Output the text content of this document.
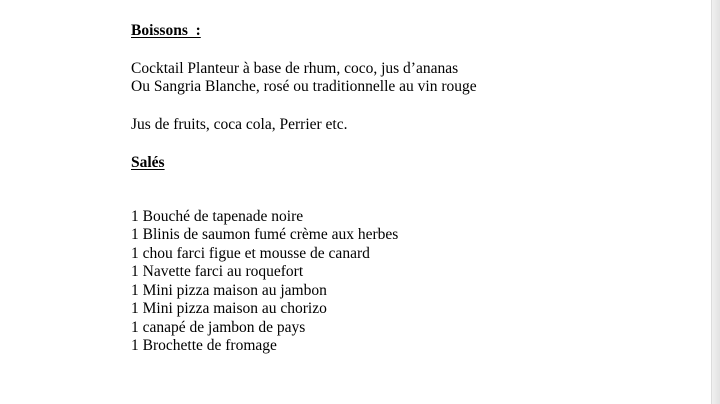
Boissons  :

Cocktail Planteur à base de rhum, coco, jus d’ananas

Ou Sangria Blanche, rosé ou traditionnelle au vin rouge

Jus de fruits, coca cola, Perrier etc.

Salés

1 Bouché de tapenade noire

1 Blinis de saumon fumé crème aux herbes

1 chou farci figue et mousse de canard

1 Navette farci au roquefort

1 Mini pizza maison au jambon

1 Mini pizza maison au chorizo

1 canapé de jambon de pays

1 Brochette de fromage
